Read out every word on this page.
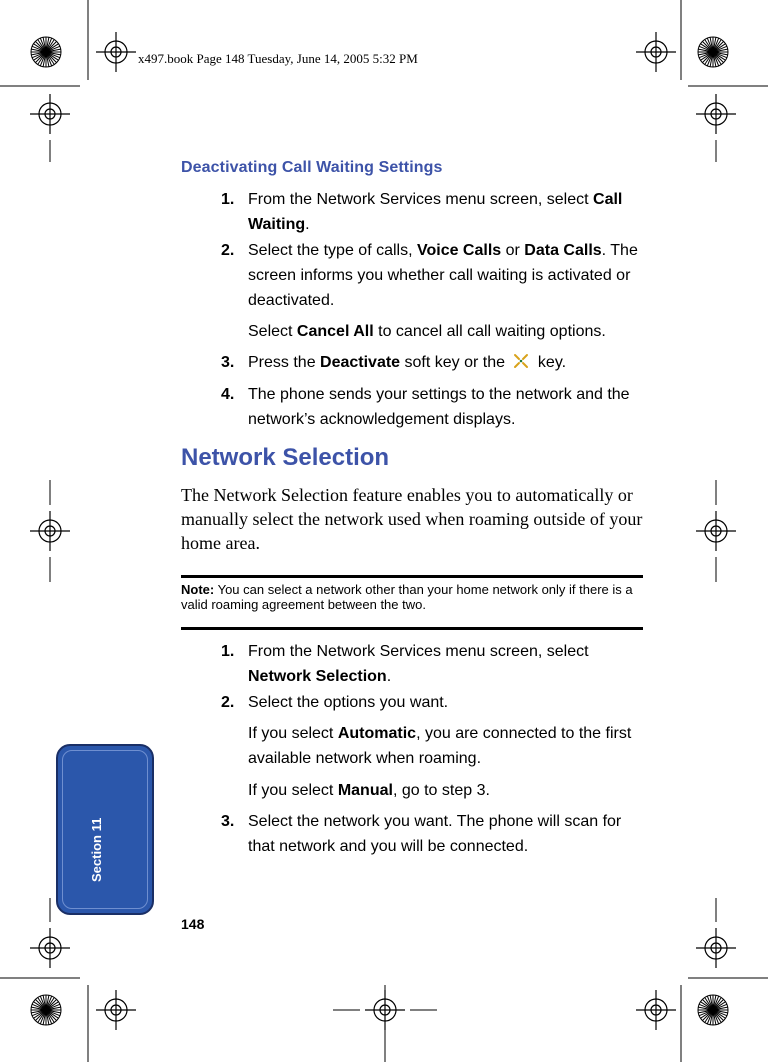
x497.book Page 148 Tuesday, June 14, 2005 5:32 PM
Deactivating Call Waiting Settings
1. From the Network Services menu screen, select Call Waiting.
2. Select the type of calls, Voice Calls or Data Calls. The screen informs you whether call waiting is activated or deactivated.
Select Cancel All to cancel all call waiting options.
3. Press the Deactivate soft key or the  key.
4. The phone sends your settings to the network and the network’s acknowledgement displays.
Network Selection
The Network Selection feature enables you to automatically or manually select the network used when roaming outside of your home area.
Note: You can select a network other than your home network only if there is a valid roaming agreement between the two.
1. From the Network Services menu screen, select Network Selection.
2. Select the options you want.
If you select Automatic, you are connected to the first available network when roaming.
If you select Manual, go to step 3.
3. Select the network you want. The phone will scan for that network and you will be connected.
Section 11
148
